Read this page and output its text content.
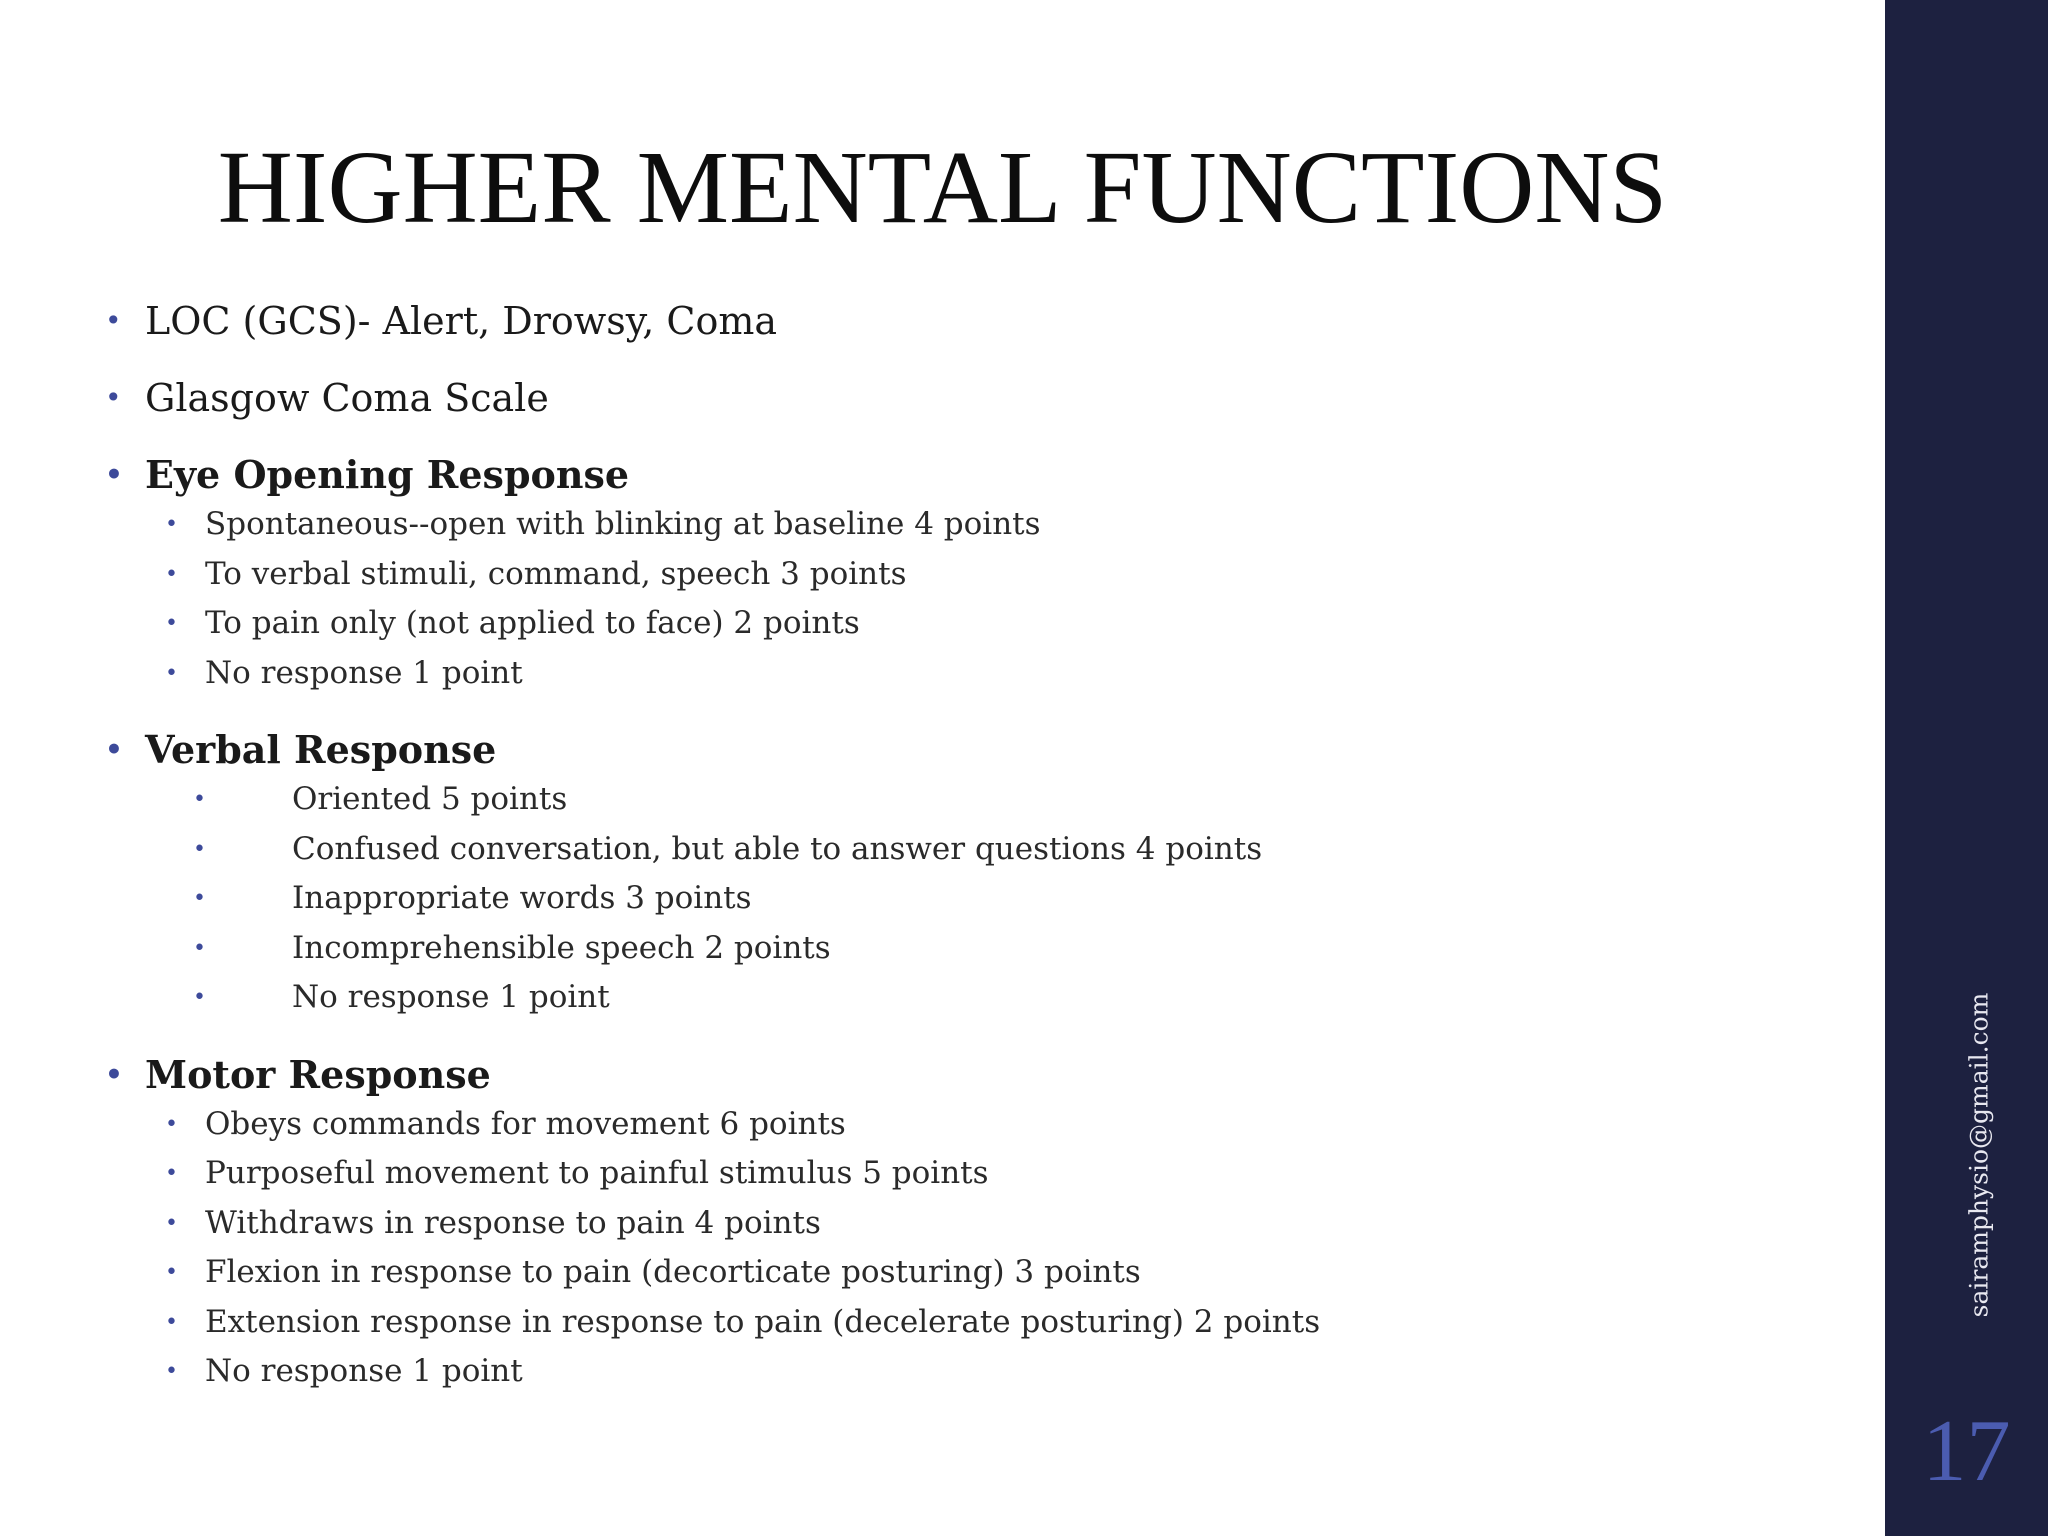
HIGHER MENTAL FUNCTIONS
• LOC (GCS)- Alert, Drowsy, Coma
• Glasgow Coma Scale
• Eye Opening Response
• Spontaneous--open with blinking at baseline 4 points
• To verbal stimuli, command, speech 3 points
• To pain only (not applied to face) 2 points
• No response 1 point
• Verbal Response
•	Oriented 5 points
•	Confused conversation, but able to answer questions 4 points
•	Inappropriate words 3 points
•	Incomprehensible speech 2 points
•	No response 1 point
• Motor Response
• Obeys commands for movement 6 points
• Purposeful movement to painful stimulus 5 points
• Withdraws in response to pain 4 points
• Flexion in response to pain (decorticate posturing) 3 points
• Extension response in response to pain (decelerate posturing) 2 points
• No response 1 point
sairamphysio@gmail.com
17
